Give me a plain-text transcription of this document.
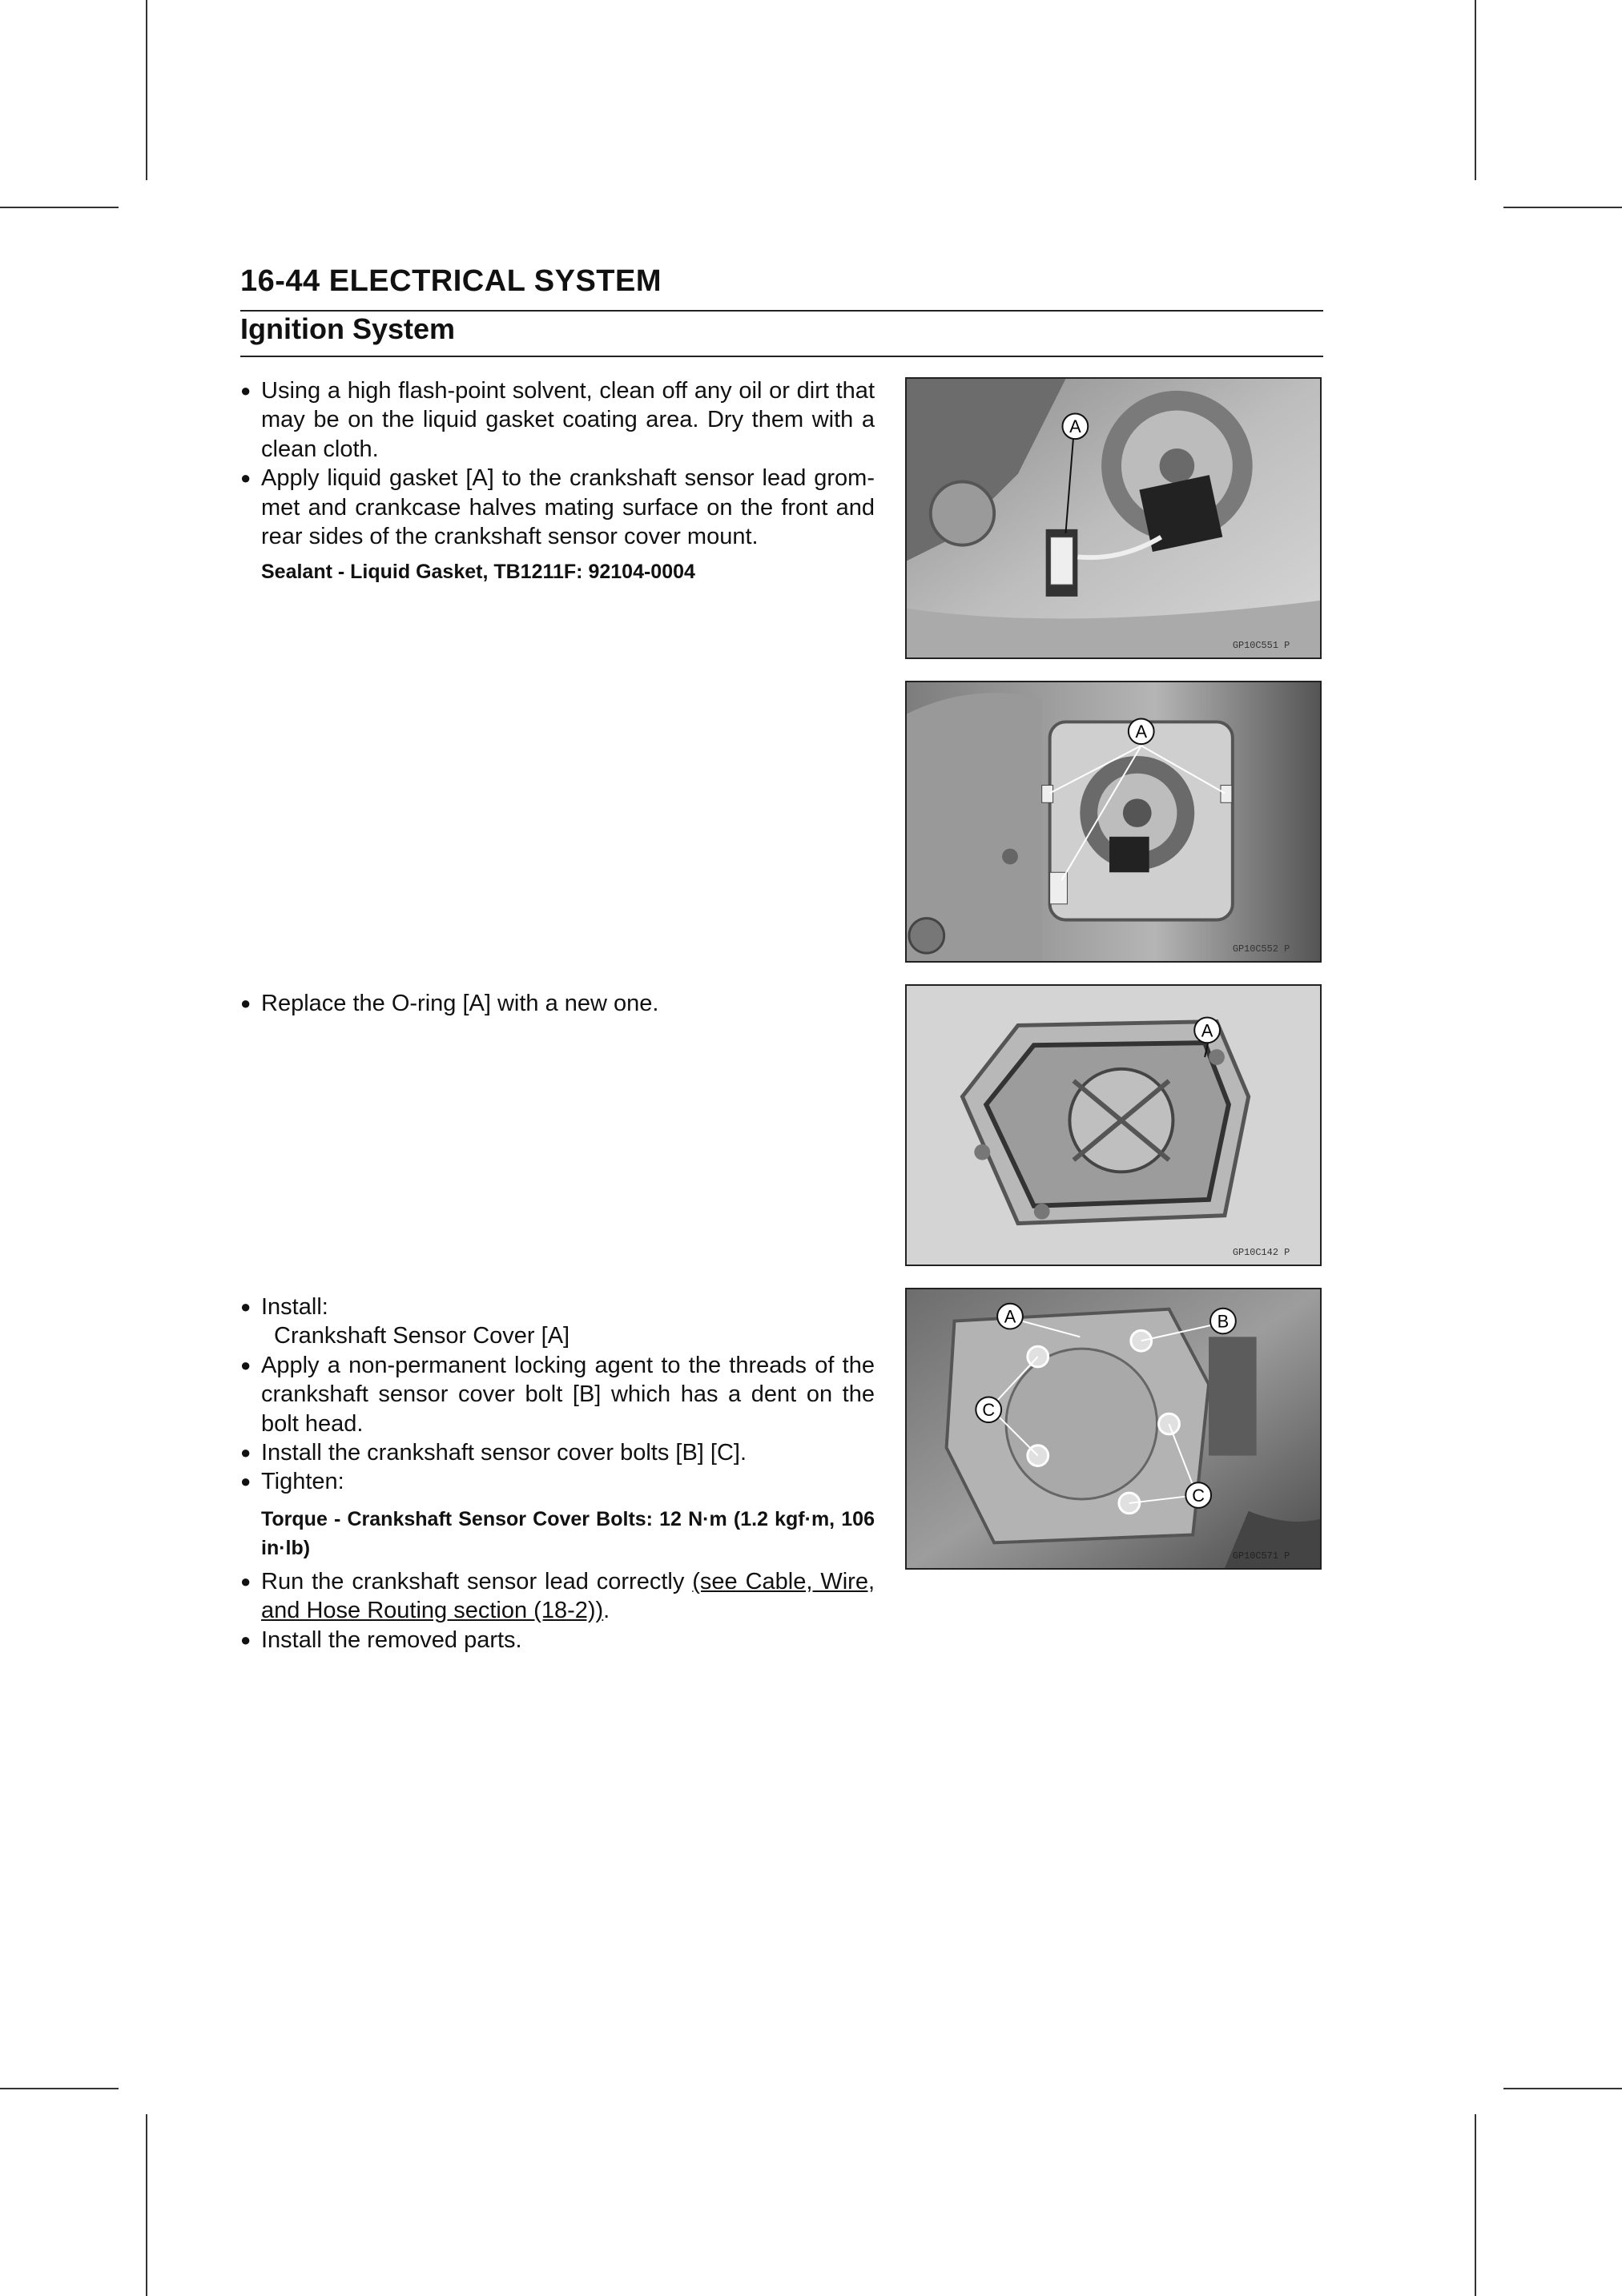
16-44 ELECTRICAL SYSTEM
Ignition System
● Using a high flash-point solvent, clean off any oil or dirt that may be on the liquid gasket coating area. Dry them with a clean cloth.
● Apply liquid gasket [A] to the crankshaft sensor lead grom-met and crankcase halves mating surface on the front and rear sides of the crankshaft sensor cover mount.
Sealant - Liquid Gasket, TB1211F: 92104-0004
● Replace the O-ring [A] with a new one.
● Install:
Crankshaft Sensor Cover [A]
● Apply a non-permanent locking agent to the threads of the crankshaft sensor cover bolt [B] which has a dent on the bolt head.
● Install the crankshaft sensor cover bolts [B] [C].
● Tighten:
Torque - Crankshaft Sensor Cover Bolts: 12 N·m (1.2 kgf·m, 106 in·lb)
● Run the crankshaft sensor lead correctly (see Cable, Wire, and Hose Routing section (18-2)).
● Install the removed parts.
A
GP10C551 P
A
GP10C552 P
A
GP10C142 P
A	B
C
C
GP10C571 P
